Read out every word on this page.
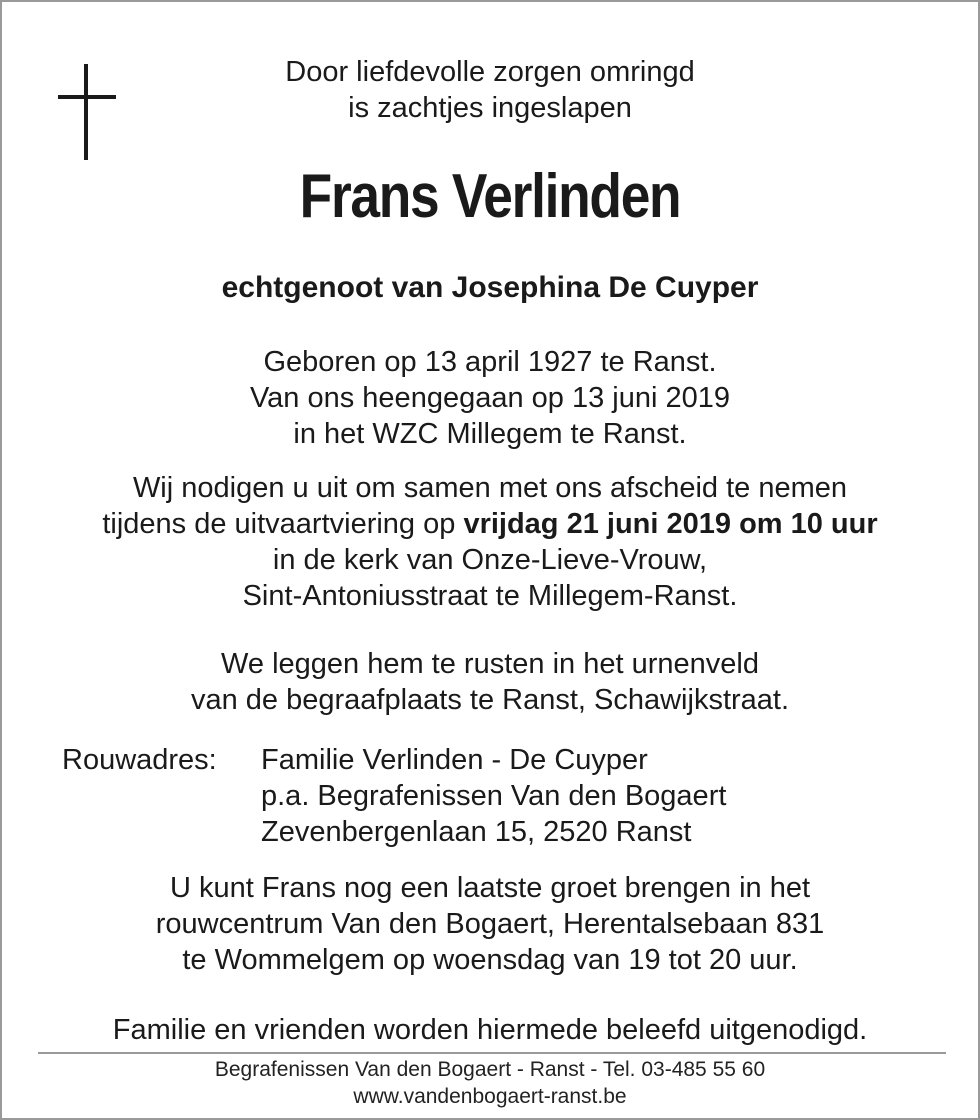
Door liefdevolle zorgen omringd
is zachtjes ingeslapen
Frans Verlinden
echtgenoot van Josephina De Cuyper
Geboren op 13 april 1927 te Ranst.
Van ons heengegaan op 13 juni 2019
in het WZC Millegem te Ranst.
Wij nodigen u uit om samen met ons afscheid te nemen
tijdens de uitvaartviering op vrijdag 21 juni 2019 om 10 uur
in de kerk van Onze-Lieve-Vrouw,
Sint-Antoniusstraat te Millegem-Ranst.
We leggen hem te rusten in het urnenveld
van de begraafplaats te Ranst, Schawijkstraat.
Rouwadres: Familie Verlinden - De Cuyper
p.a. Begrafenissen Van den Bogaert
Zevenbergenlaan 15, 2520 Ranst
U kunt Frans nog een laatste groet brengen in het
rouwcentrum Van den Bogaert, Herentalsebaan 831
te Wommelgem op woensdag van 19 tot 20 uur.
Familie en vrienden worden hiermede beleefd uitgenodigd.
Begrafenissen Van den Bogaert - Ranst - Tel. 03-485 55 60
www.vandenbogaert-ranst.be
